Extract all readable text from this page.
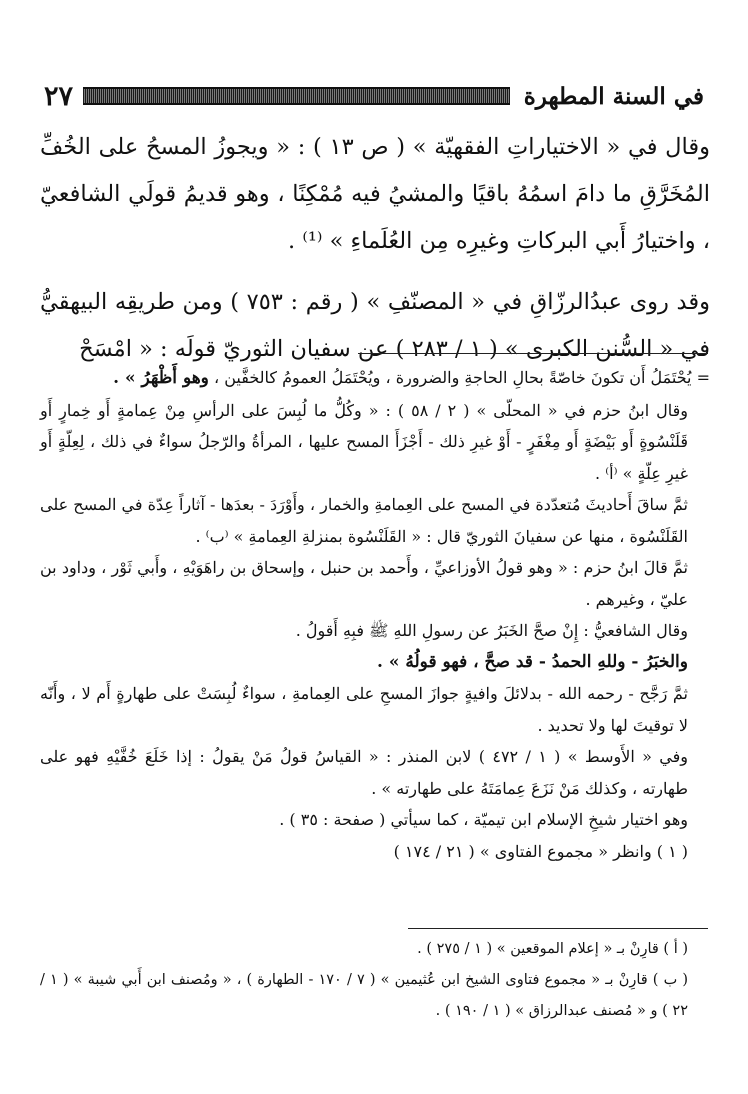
في السنة المطهرة
٢٧

وقال في « الاختياراتِ الفقهيّة » ( ص ١٣ ) : « ويجوزُ المسحُ على الخُفِّ المُخَرَّقِ ما دامَ اسمُهُ باقيًا والمشيُ فيه مُمْكِنًا ، وهو قديمُ قولَي الشافعيّ ، واختيارُ أَبي البركاتِ وغيرِه مِن العُلَماءِ » ⁽¹⁾ .

وقد روى عبدُالرزّاقِ في « المصنّفِ » ( رقم : ٧٥٣ ) ومن طريقِه البيهقيُّ في « السُّنن الكبرى » ( ١ / ٢٨٣ ) عن سفيان الثوريّ قولَه : « امْسَحْ

= يُحْتَمَلُ أَن تكونَ خاصّةً بحالِ الحاجةِ والضرورة ، ويُحْتَمَلُ العمومُ كالخفَّين ، وهو أَظْهَرُ » .

وقال ابنُ حزم في « المحلّى » ( ٢ / ٥٨ ) : « وكُلُّ ما لُبِسَ على الرأسِ مِنْ عِمامةٍ أَو خِمارٍ أَو قَلَنْسُوةٍ أَو بَيْضَةٍ أَو مِغْفَرٍ - أَوْ غيرِ ذلك - أَجْزَأَ المسح عليها ، المرأةُ والرّجلُ سواءٌ في ذلك ، لِعِلّةٍ أَو غيرِ عِلّةٍ » ⁽أ⁾ .

ثمَّ ساقَ أَحاديثَ مُتعدّدة في المسح على العِمامةِ والخمار ، وأَوْرَدَ - بعدَها - آثاراً عِدّة في المسح على القَلَنْسُوة ، منها عن سفيانَ الثوريّ قال : « القَلَنْسُوة بمنزلةِ العِمامةِ » ⁽ب⁾ .

ثمَّ قالَ ابنُ حزم : « وهو قولُ الأوزاعيِّ ، وأَحمد بن حنبل ، وإسحاق بن راهَوَيْهِ ، وأَبي ثَوْر ، وداود بن عليّ ، وغيرهم .

وقال الشافعيُّ : إِنْ صحَّ الخَبَرُ عن رسولِ اللهِ ﷺ فبِهِ أَقولُ .

والخبَرُ - وللهِ الحمدُ - قد صحَّ ، فهو قولُهُ » .

ثمَّ رَجَّح - رحمه الله - بدلائلَ وافيةٍ جوازَ المسحِ على العِمامةِ ، سواءٌ لُبِسَتْ على طهارةٍ أَم لا ، وأَنّه لا توقيتَ لها ولا تحديد .

وفي « الأَوسط » ( ١ / ٤٧٢ ) لابن المنذر : « القياسُ قولُ مَنْ يقولُ : إذا خَلَعَ خُفَّيْهِ فهو على طهارته ، وكذلك مَنْ نَزَعَ عِمامَتَهُ على طهارته » .

وهو اختيار شيخِ الإسلام ابن تيميّة ، كما سيأتي ( صفحة : ٣٥ ) .

( ١ ) وانظر « مجموع الفتاوى » ( ٢١ / ١٧٤ )

( أ ) قارِنْ بـ « إعلام الموقعين » ( ١ / ٢٧٥ ) .

( ب ) قارِنْ بـ « مجموع فتاوى الشيخ ابن عُثيمين » ( ٧ / ١٧٠ - الطهارة ) ، « ومُصنف ابن أَبي شيبة » ( ١ / ٢٢ ) و « مُصنف عبدالرزاق » ( ١ / ١٩٠ ) .
